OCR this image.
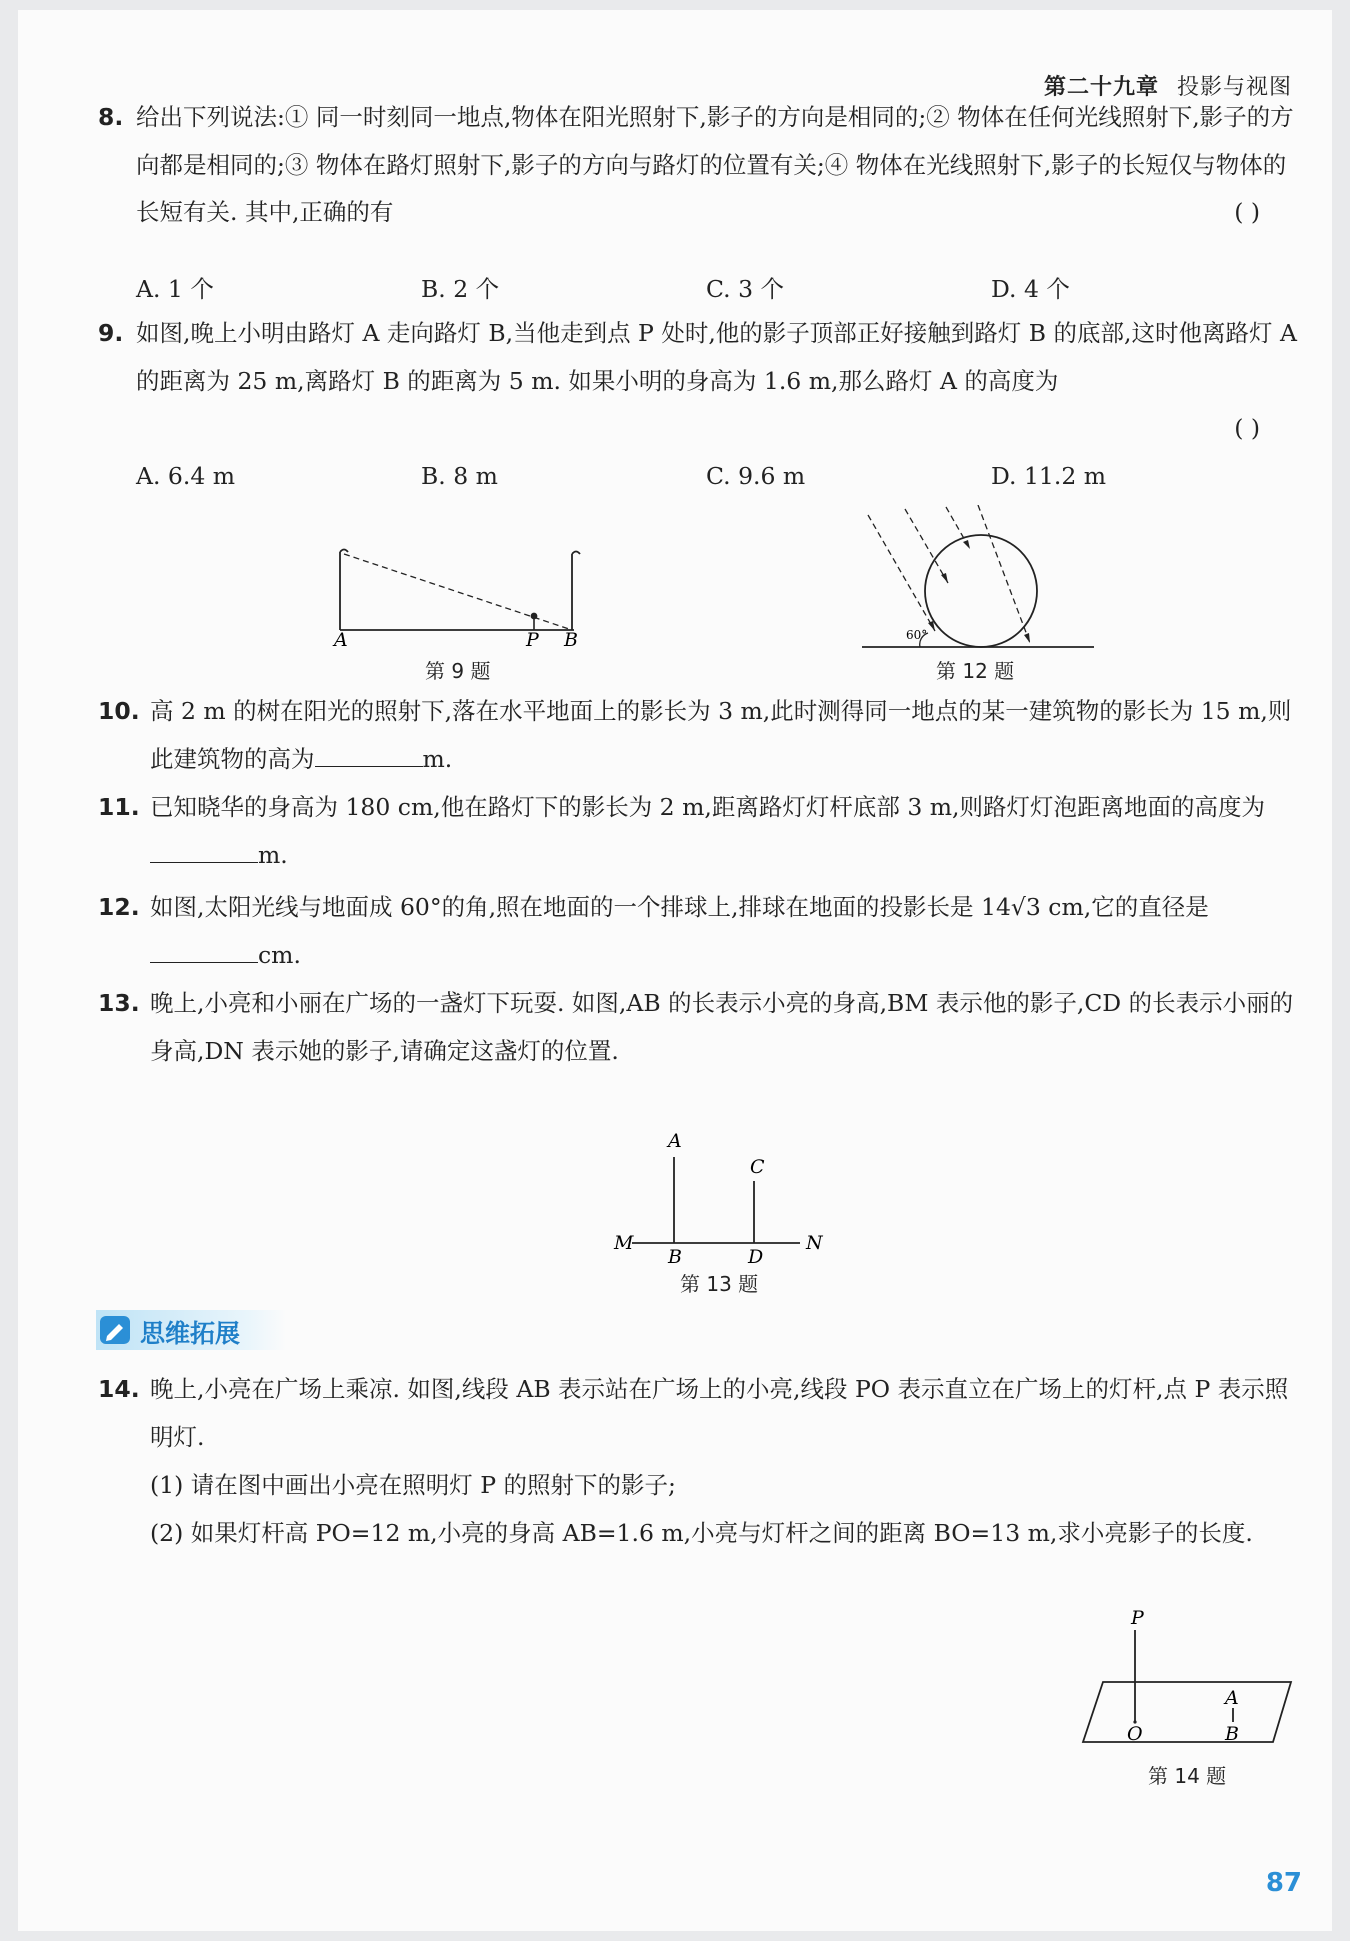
第二十九章 投影与视图
8. 给出下列说法:① 同一时刻同一地点,物体在阳光照射下,影子的方向是相同的;② 物体在任何光线照射下,影子的方向都是相同的;③ 物体在路灯照射下,影子的方向与路灯的位置有关;④ 物体在光线照射下,影子的长短仅与物体的长短有关. 其中,正确的有	( )
A. 1 个	B. 2 个	C. 3 个	D. 4 个
9. 如图,晚上小明由路灯 A 走向路灯 B,当他走到点 P 处时,他的影子顶部正好接触到路灯 B 的底部,这时他离路灯 A 的距离为 25 m,离路灯 B 的距离为 5 m. 如果小明的身高为 1.6 m,那么路灯 A 的高度为
( )
A. 6.4 m	B. 8 m	C. 9.6 m	D. 11.2 m
A	P B
第 9 题
60°
第 12 题
10. 高 2 m 的树在阳光的照射下,落在水平地面上的影长为 3 m,此时测得同一地点的某一建筑物的影长为 15 m,则此建筑物的高为	m.
11. 已知晓华的身高为 180 cm,他在路灯下的影长为 2 m,距离路灯灯杆底部 3 m,则路灯灯泡距离地面的高度为m.
12. 如图,太阳光线与地面成 60°的角,照在地面的一个排球上,排球在地面的投影长是 14√3 cm,它的直径是cm.
13. 晚上,小亮和小丽在广场的一盏灯下玩耍. 如图,AB 的长表示小亮的身高,BM 表示他的影子,CD 的长表示小丽的身高,DN 表示她的影子,请确定这盏灯的位置.
A
B
C
D
M	N
第 13 题
思维拓展
14. 晚上,小亮在广场上乘凉. 如图,线段 AB 表示站在广场上的小亮,线段 PO 表示直立在广场上的灯杆,点 P 表示照明灯.
(1) 请在图中画出小亮在照明灯 P 的照射下的影子;
(2) 如果灯杆高 PO=12 m,小亮的身高 AB=1.6 m,小亮与灯杆之间的距离 BO=13 m,求小亮影子的长度.
P
A
O	B
第 14 题
87
